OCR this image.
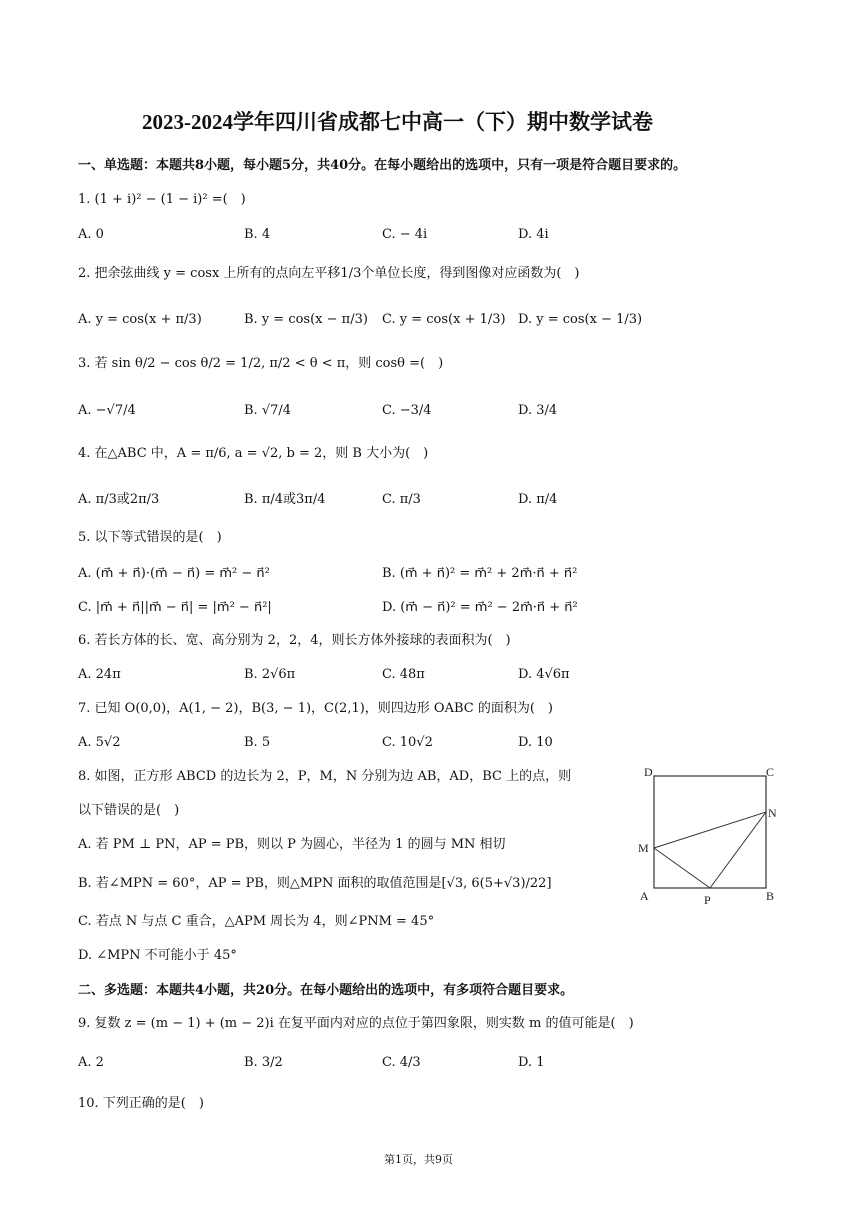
2023-2024学年四川省成都七中高一（下）期中数学试卷
一、单选题：本题共8小题，每小题5分，共40分。在每小题给出的选项中，只有一项是符合题目要求的。
1. (1 + i)² − (1 − i)² =(　)
A. 0	B. 4	C. − 4i	D. 4i
2. 把余弦曲线 y = cosx 上所有的点向左平移1/3个单位长度，得到图像对应函数为(　)
A. y = cos(x + π/3)	B. y = cos(x − π/3) C. y = cos(x + 1/3) D. y = cos(x − 1/3)
3. 若 sin θ/2 − cos θ/2 = 1/2, π/2 < θ < π，则 cosθ =(　)
A. −√7/4	B. √7/4	C. −3/4	D. 3/4
4. 在△ABC 中，A = π/6, a = √2, b = 2，则 B 大小为(　)
A. π/3或2π/3	B. π/4或3π/4	C. π/3	D. π/4
5. 以下等式错误的是(　)
A. (m⃗ + n⃗)·(m⃗ − n⃗) = m⃗² − n⃗²	B. (m⃗ + n⃗)² = m⃗² + 2m⃗·n⃗ + n⃗²
C. |m⃗ + n⃗||m⃗ − n⃗| = |m⃗² − n⃗²|	D. (m⃗ − n⃗)² = m⃗² − 2m⃗·n⃗ + n⃗²
6. 若长方体的长、宽、高分别为 2，2，4，则长方体外接球的表面积为(　)
A. 24π	B. 2√6π	C. 48π	D. 4√6π
7. 已知 O(0,0)，A(1, − 2)，B(3, − 1)，C(2,1)，则四边形 OABC 的面积为(　)
A. 5√2	B. 5	C. 10√2	D. 10
8. 如图，正方形 ABCD 的边长为 2，P，M，N 分别为边 AB，AD，BC 上的点，则
以下错误的是(　)
A. 若 PM ⊥ PN，AP = PB，则以 P 为圆心，半径为 1 的圆与 MN 相切
B. 若∠MPN = 60°，AP = PB，则△MPN 面积的取值范围是[√3, 6(5+√3)/22]
C. 若点 N 与点 C 重合，△APM 周长为 4，则∠PNM = 45°
D. ∠MPN 不可能小于 45°
D	C
N
M
A	P	B
二、多选题：本题共4小题，共20分。在每小题给出的选项中，有多项符合题目要求。
9. 复数 z = (m − 1) + (m − 2)i 在复平面内对应的点位于第四象限，则实数 m 的值可能是(　)
A. 2	B. 3/2	C. 4/3	D. 1
10. 下列正确的是(　)
第1页，共9页
